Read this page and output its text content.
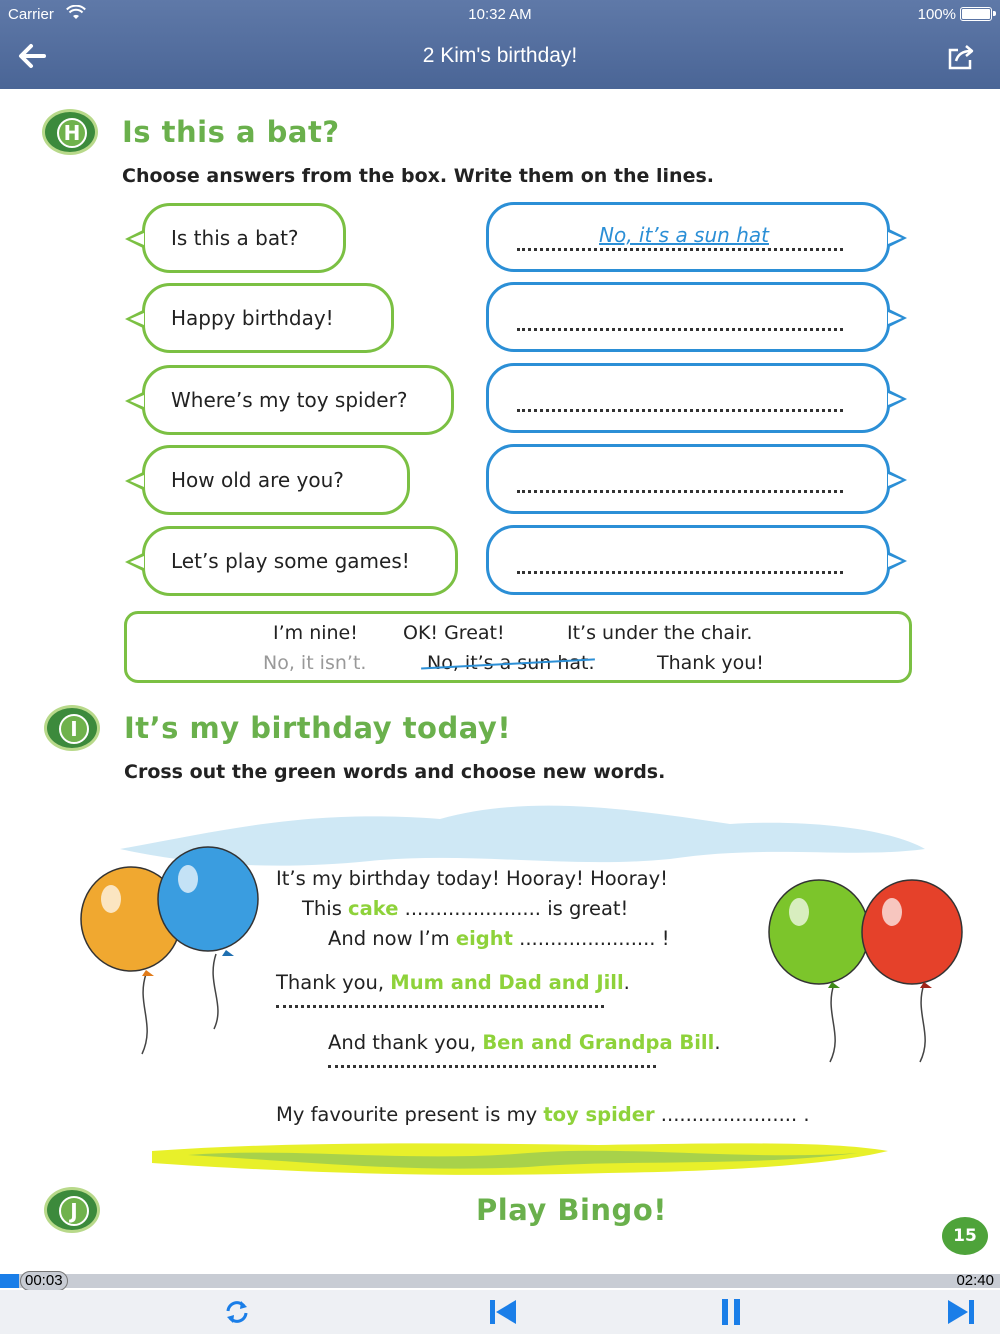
Carrier	10:32 AM	100%
2 Kim's birthday!
H Is this a bat?
Choose answers from the box. Write them on the lines.
Is this a bat?
Happy birthday!
Where’s my toy spider?
How old are you?
Let’s play some games!
No, it’s a sun hat
I’m nine! OK! Great!	It’s under the chair.
No, it isn’t.	No, it’s a sun hat.	Thank you!
I	It’s my birthday today!
Cross out the green words and choose new words.
It’s my birthday today! Hooray! Hooray!
This cake ...................... is great!
And now I’m eight ...................... !
Thank you, Mum and Dad and Jill.
And thank you, Ben and Grandpa Bill.
My favourite present is my toy spider ...................... .
J	Play Bingo!
15
00:03	02:40
